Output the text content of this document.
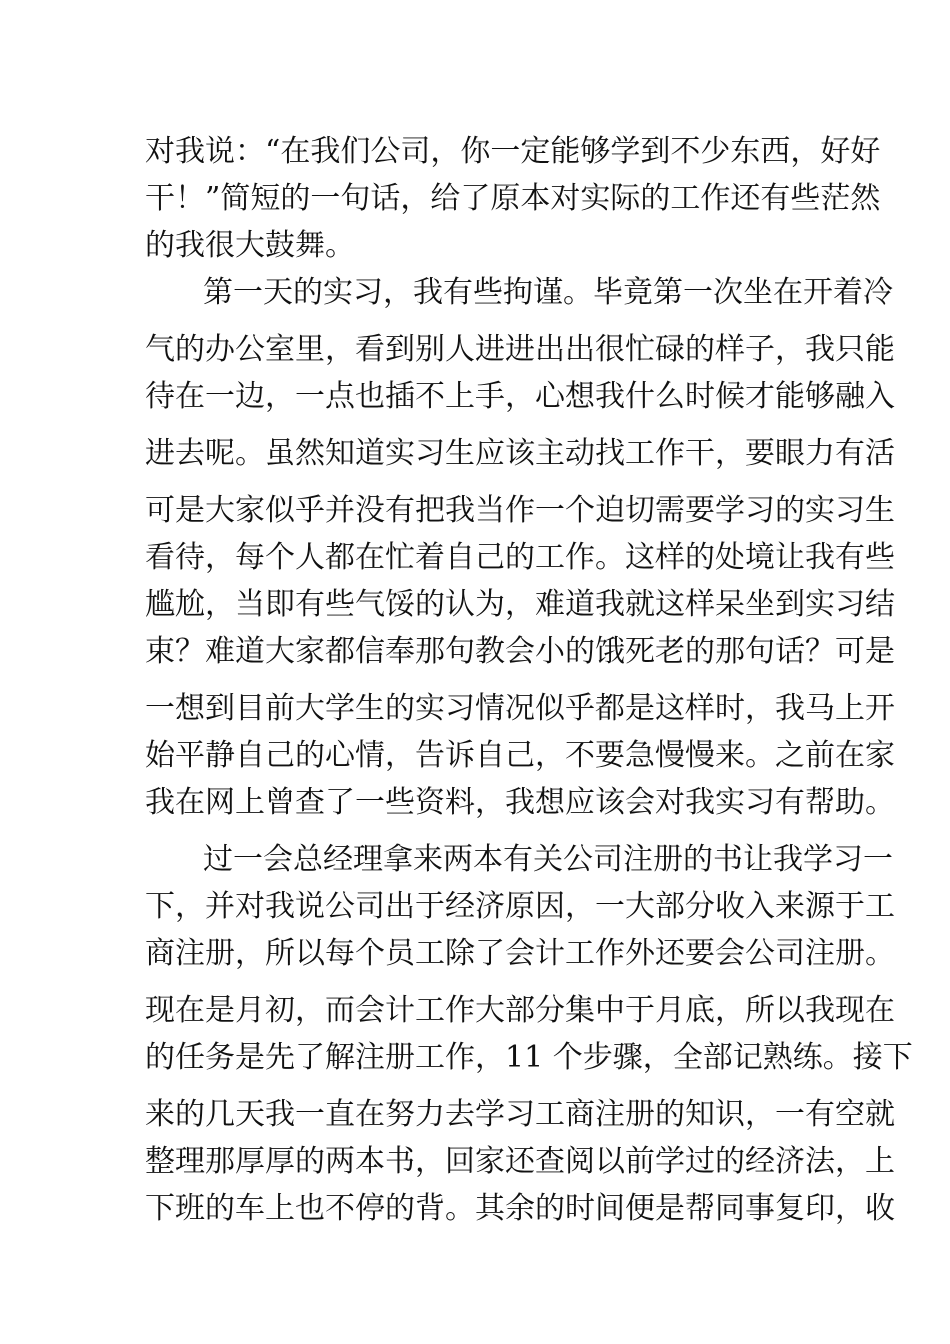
对我说：“在我们公司，你一定能够学到不少东西，好好
干！”简短的一句话，给了原本对实际的工作还有些茫然
的我很大鼓舞。
第一天的实习，我有些拘谨。毕竟第一次坐在开着冷
气的办公室里，看到别人进进出出很忙碌的样子，我只能
待在一边，一点也插不上手，心想我什么时候才能够融入
进去呢。虽然知道实习生应该主动找工作干，要眼力有活
可是大家似乎并没有把我当作一个迫切需要学习的实习生
看待，每个人都在忙着自己的工作。这样的处境让我有些
尴尬，当即有些气馁的认为，难道我就这样呆坐到实习结
束？难道大家都信奉那句教会小的饿死老的那句话？可是
一想到目前大学生的实习情况似乎都是这样时，我马上开
始平静自己的心情，告诉自己，不要急慢慢来。之前在家
我在网上曾查了一些资料，我想应该会对我实习有帮助。
过一会总经理拿来两本有关公司注册的书让我学习一
下，并对我说公司出于经济原因，一大部分收入来源于工
商注册，所以每个员工除了会计工作外还要会公司注册。
现在是月初，而会计工作大部分集中于月底，所以我现在
的任务是先了解注册工作，11 个步骤，全部记熟练。接下
来的几天我一直在努力去学习工商注册的知识，一有空就
整理那厚厚的两本书，回家还查阅以前学过的经济法，上
下班的车上也不停的背。其余的时间便是帮同事复印，收
